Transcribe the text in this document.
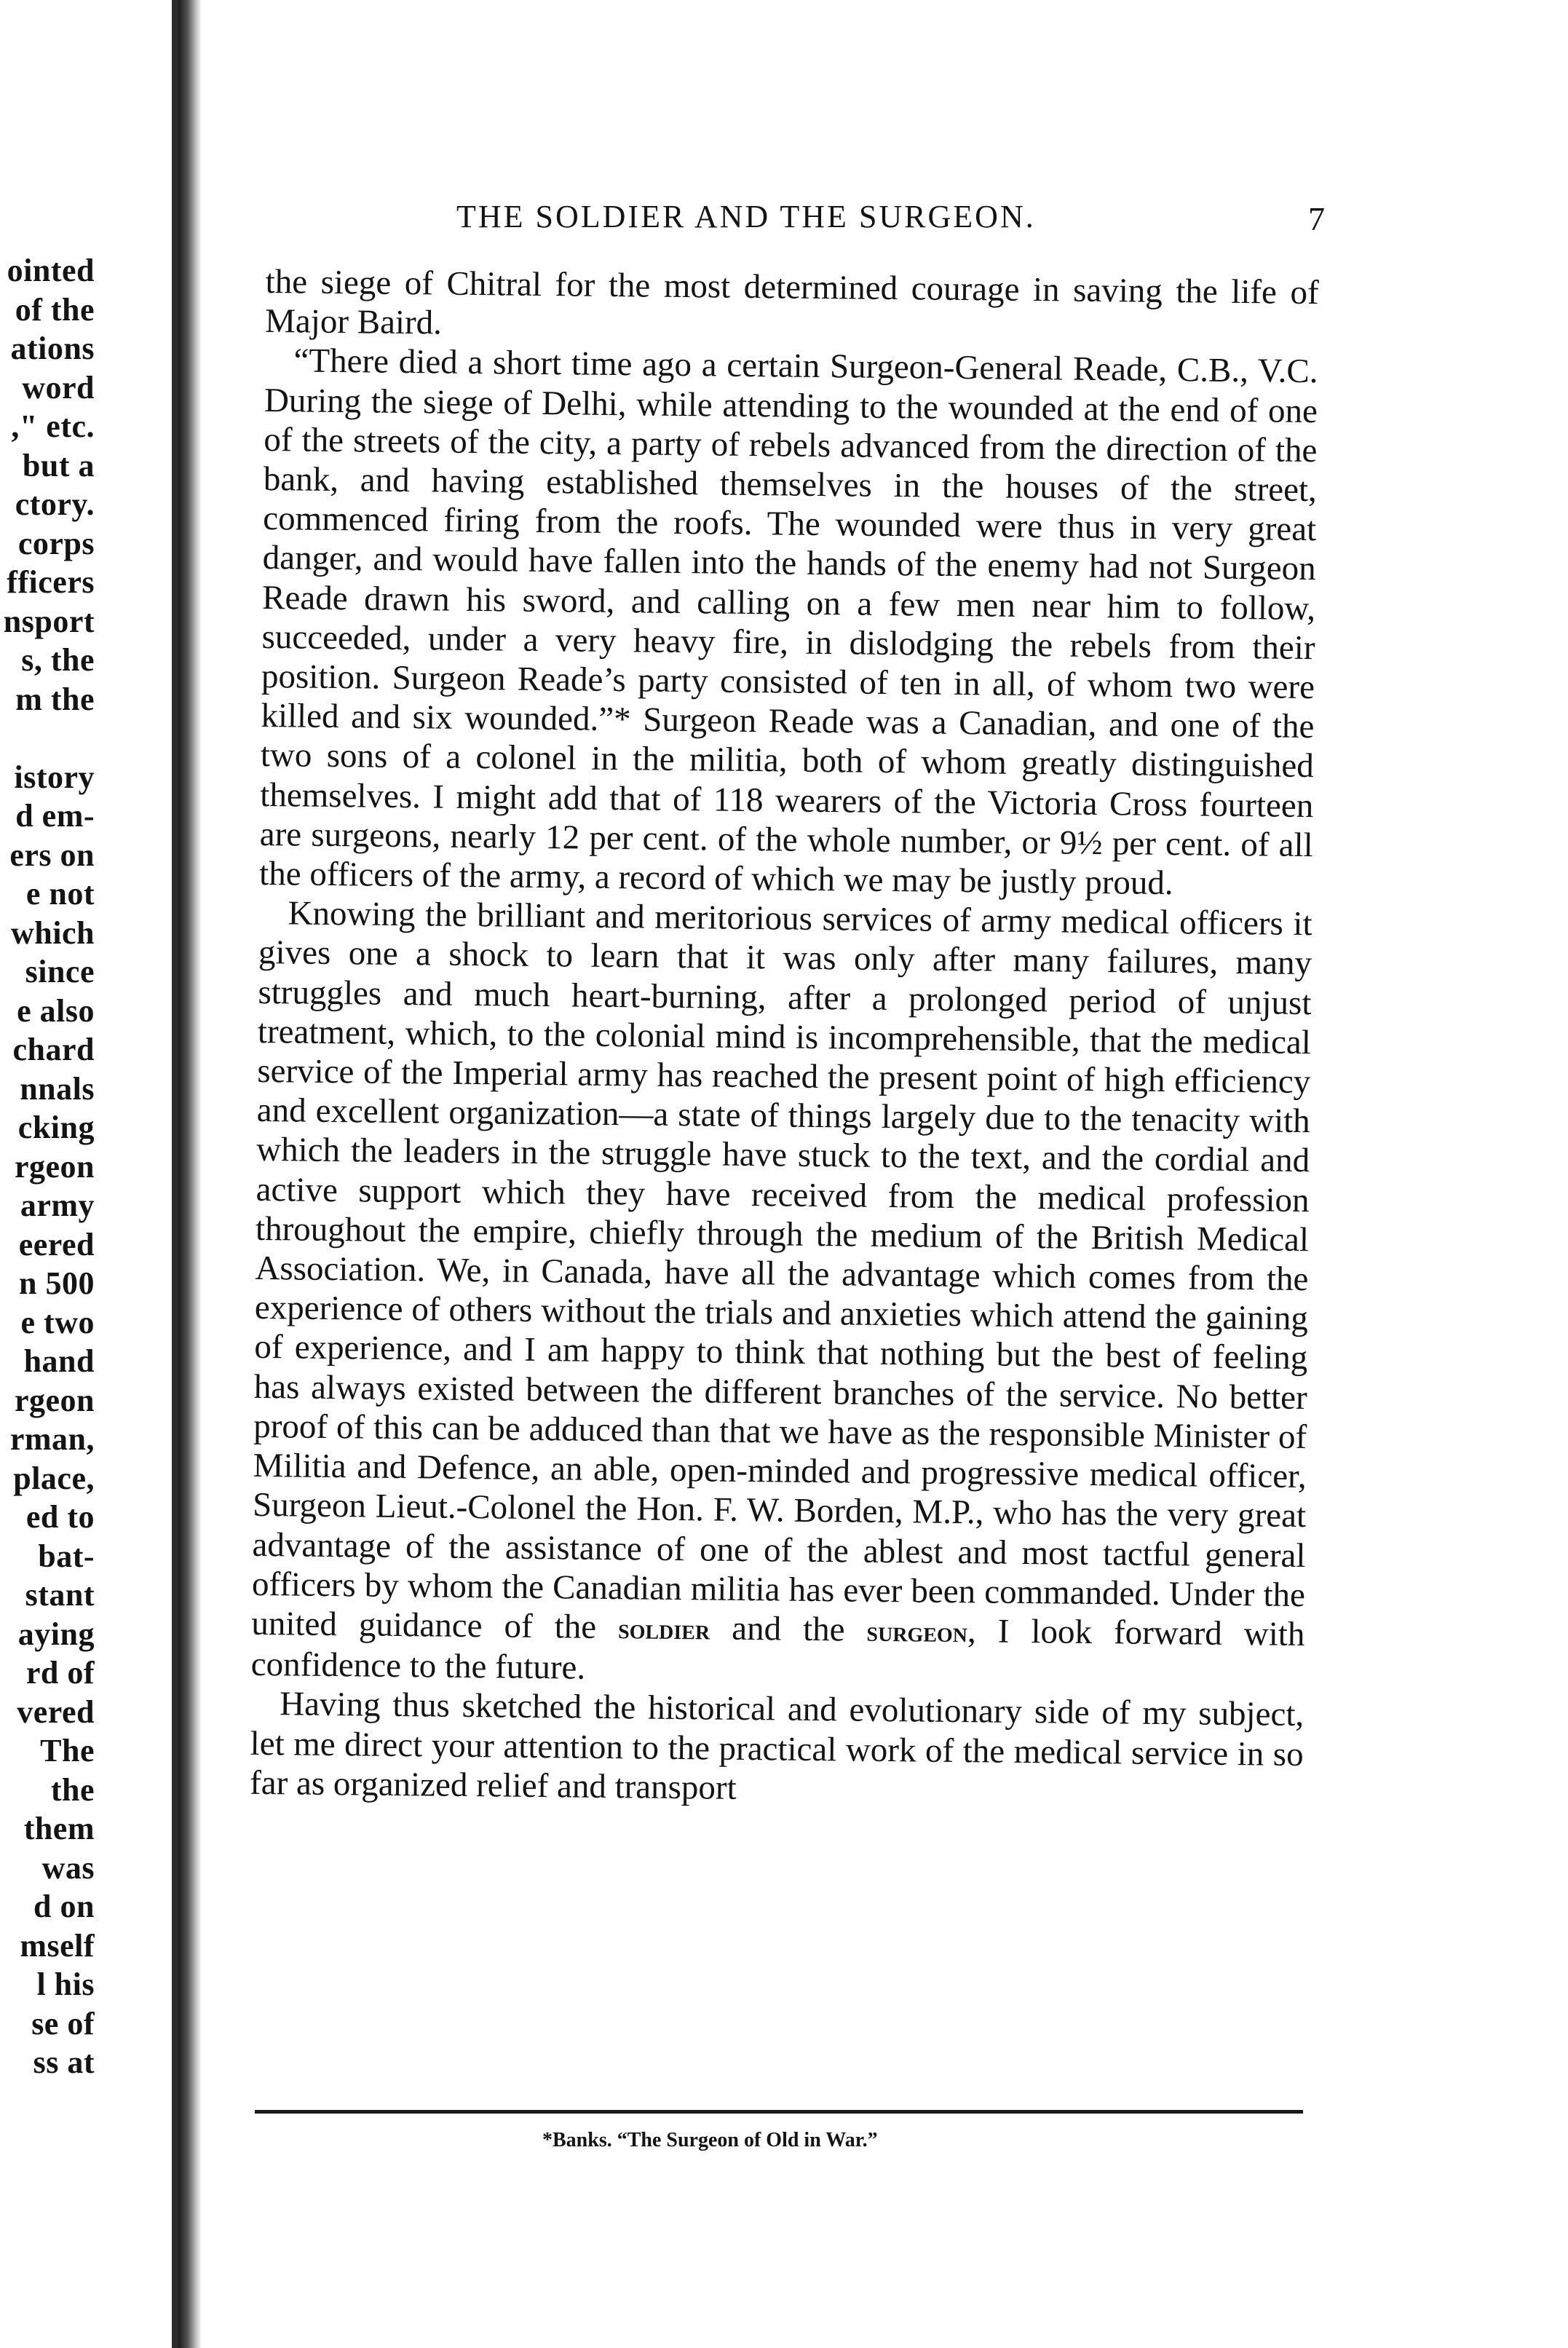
ointed
of the
ations
word
," etc.
but a
ctory.
corps
fficers
nsport
s, the
m the
istory
d em-
ers on
e not
which
since
e also
chard
nnals
cking
rgeon
army
eered
n 500
e two
hand
rgeon
rman,
place,
ed to
bat-
stant
aying
rd of
vered
The
the
them
was
d on
mself
l his
se of
ss at
THE SOLDIER AND THE SURGEON.	7

the siege of Chitral for the most determined courage in saving the life of Major Baird.

“There died a short time ago a certain Surgeon-General Reade, C.B., V.C. During the siege of Delhi, while attending to the wounded at the end of one of the streets of the city, a party of rebels advanced from the direction of the bank, and having established themselves in the houses of the street, commenced firing from the roofs. The wounded were thus in very great danger, and would have fallen into the hands of the enemy had not Surgeon Reade drawn his sword, and calling on a few men near him to follow, succeeded, under a very heavy fire, in dislodging the rebels from their position. Surgeon Reade’s party consisted of ten in all, of whom two were killed and six wounded.”* Surgeon Reade was a Canadian, and one of the two sons of a colonel in the militia, both of whom greatly distinguished themselves. I might add that of 118 wearers of the Victoria Cross fourteen are surgeons, nearly 12 per cent. of the whole number, or 9½ per cent. of all the officers of the army, a record of which we may be justly proud.

Knowing the brilliant and meritorious services of army medical officers it gives one a shock to learn that it was only after many failures, many struggles and much heart-burning, after a prolonged period of unjust treatment, which, to the colonial mind is incomprehensible, that the medical service of the Imperial army has reached the present point of high efficiency and excellent organization—a state of things largely due to the tenacity with which the leaders in the struggle have stuck to the text, and the cordial and active support which they have received from the medical profession throughout the empire, chiefly through the medium of the British Medical Association. We, in Canada, have all the advantage which comes from the experience of others without the trials and anxieties which attend the gaining of experience, and I am happy to think that nothing but the best of feeling has always existed between the different branches of the service. No better proof of this can be adduced than that we have as the responsible Minister of Militia and Defence, an able, open-minded and progressive medical officer, Surgeon Lieut.-Colonel the Hon. F. W. Borden, M.P., who has the very great advantage of the assistance of one of the ablest and most tactful general officers by whom the Canadian militia has ever been commanded. Under the united guidance of the soldier and the surgeon, I look forward with confidence to the future.

Having thus sketched the historical and evolutionary side of my subject, let me direct your attention to the practical work of the medical service in so far as organized relief and transport

*Banks. “The Surgeon of Old in War.”
